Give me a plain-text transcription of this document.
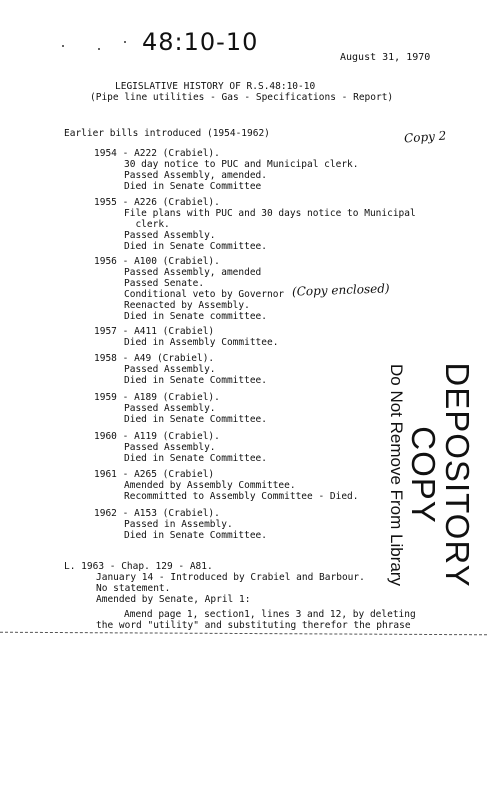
48:10-10
August 31, 1970
LEGISLATIVE HISTORY OF R.S.48:10-10
(Pipe line utilities - Gas - Specifications - Report)
Earlier bills introduced (1954-1962)	Copy 2
1954 - A222 (Crabiel).
30 day notice to PUC and Municipal clerk.
Passed Assembly, amended.
Died in Senate Committee
1955 - A226 (Crabiel).
File plans with PUC and 30 days notice to Municipal
clerk.
Passed Assembly.
Died in Senate Committee.
1956 - A100 (Crabiel).
Passed Assembly, amended
Passed Senate.
Conditional veto by Governor
Reenacted by Assembly.
Died in Senate committee.
1957 - A411 (Crabiel)
Died in Assembly Committee.
1958 - A49 (Crabiel).
Passed Assembly.
Died in Senate Committee.
1959 - A189 (Crabiel).
Passed Assembly.
Died in Senate Committee.
1960 - A119 (Crabiel).
Passed Assembly.
Died in Senate Committee.
1961 - A265 (Crabiel)
Amended by Assembly Committee.
Recommitted to Assembly Committee - Died.
1962 - A153 (Crabiel).
Passed in Assembly.
Died in Senate Committee.
(Copy enclosed)
L. 1963 - Chap. 129 - A81.
January 14 - Introduced by Crabiel and Barbour.
No statement.
Amended by Senate, April 1:
Amend page 1, section1, lines 3 and 12, by deleting
the word "utility" and substituting therefor the phrase
DEPOSITORY COPY
Do Not Remove From Library
